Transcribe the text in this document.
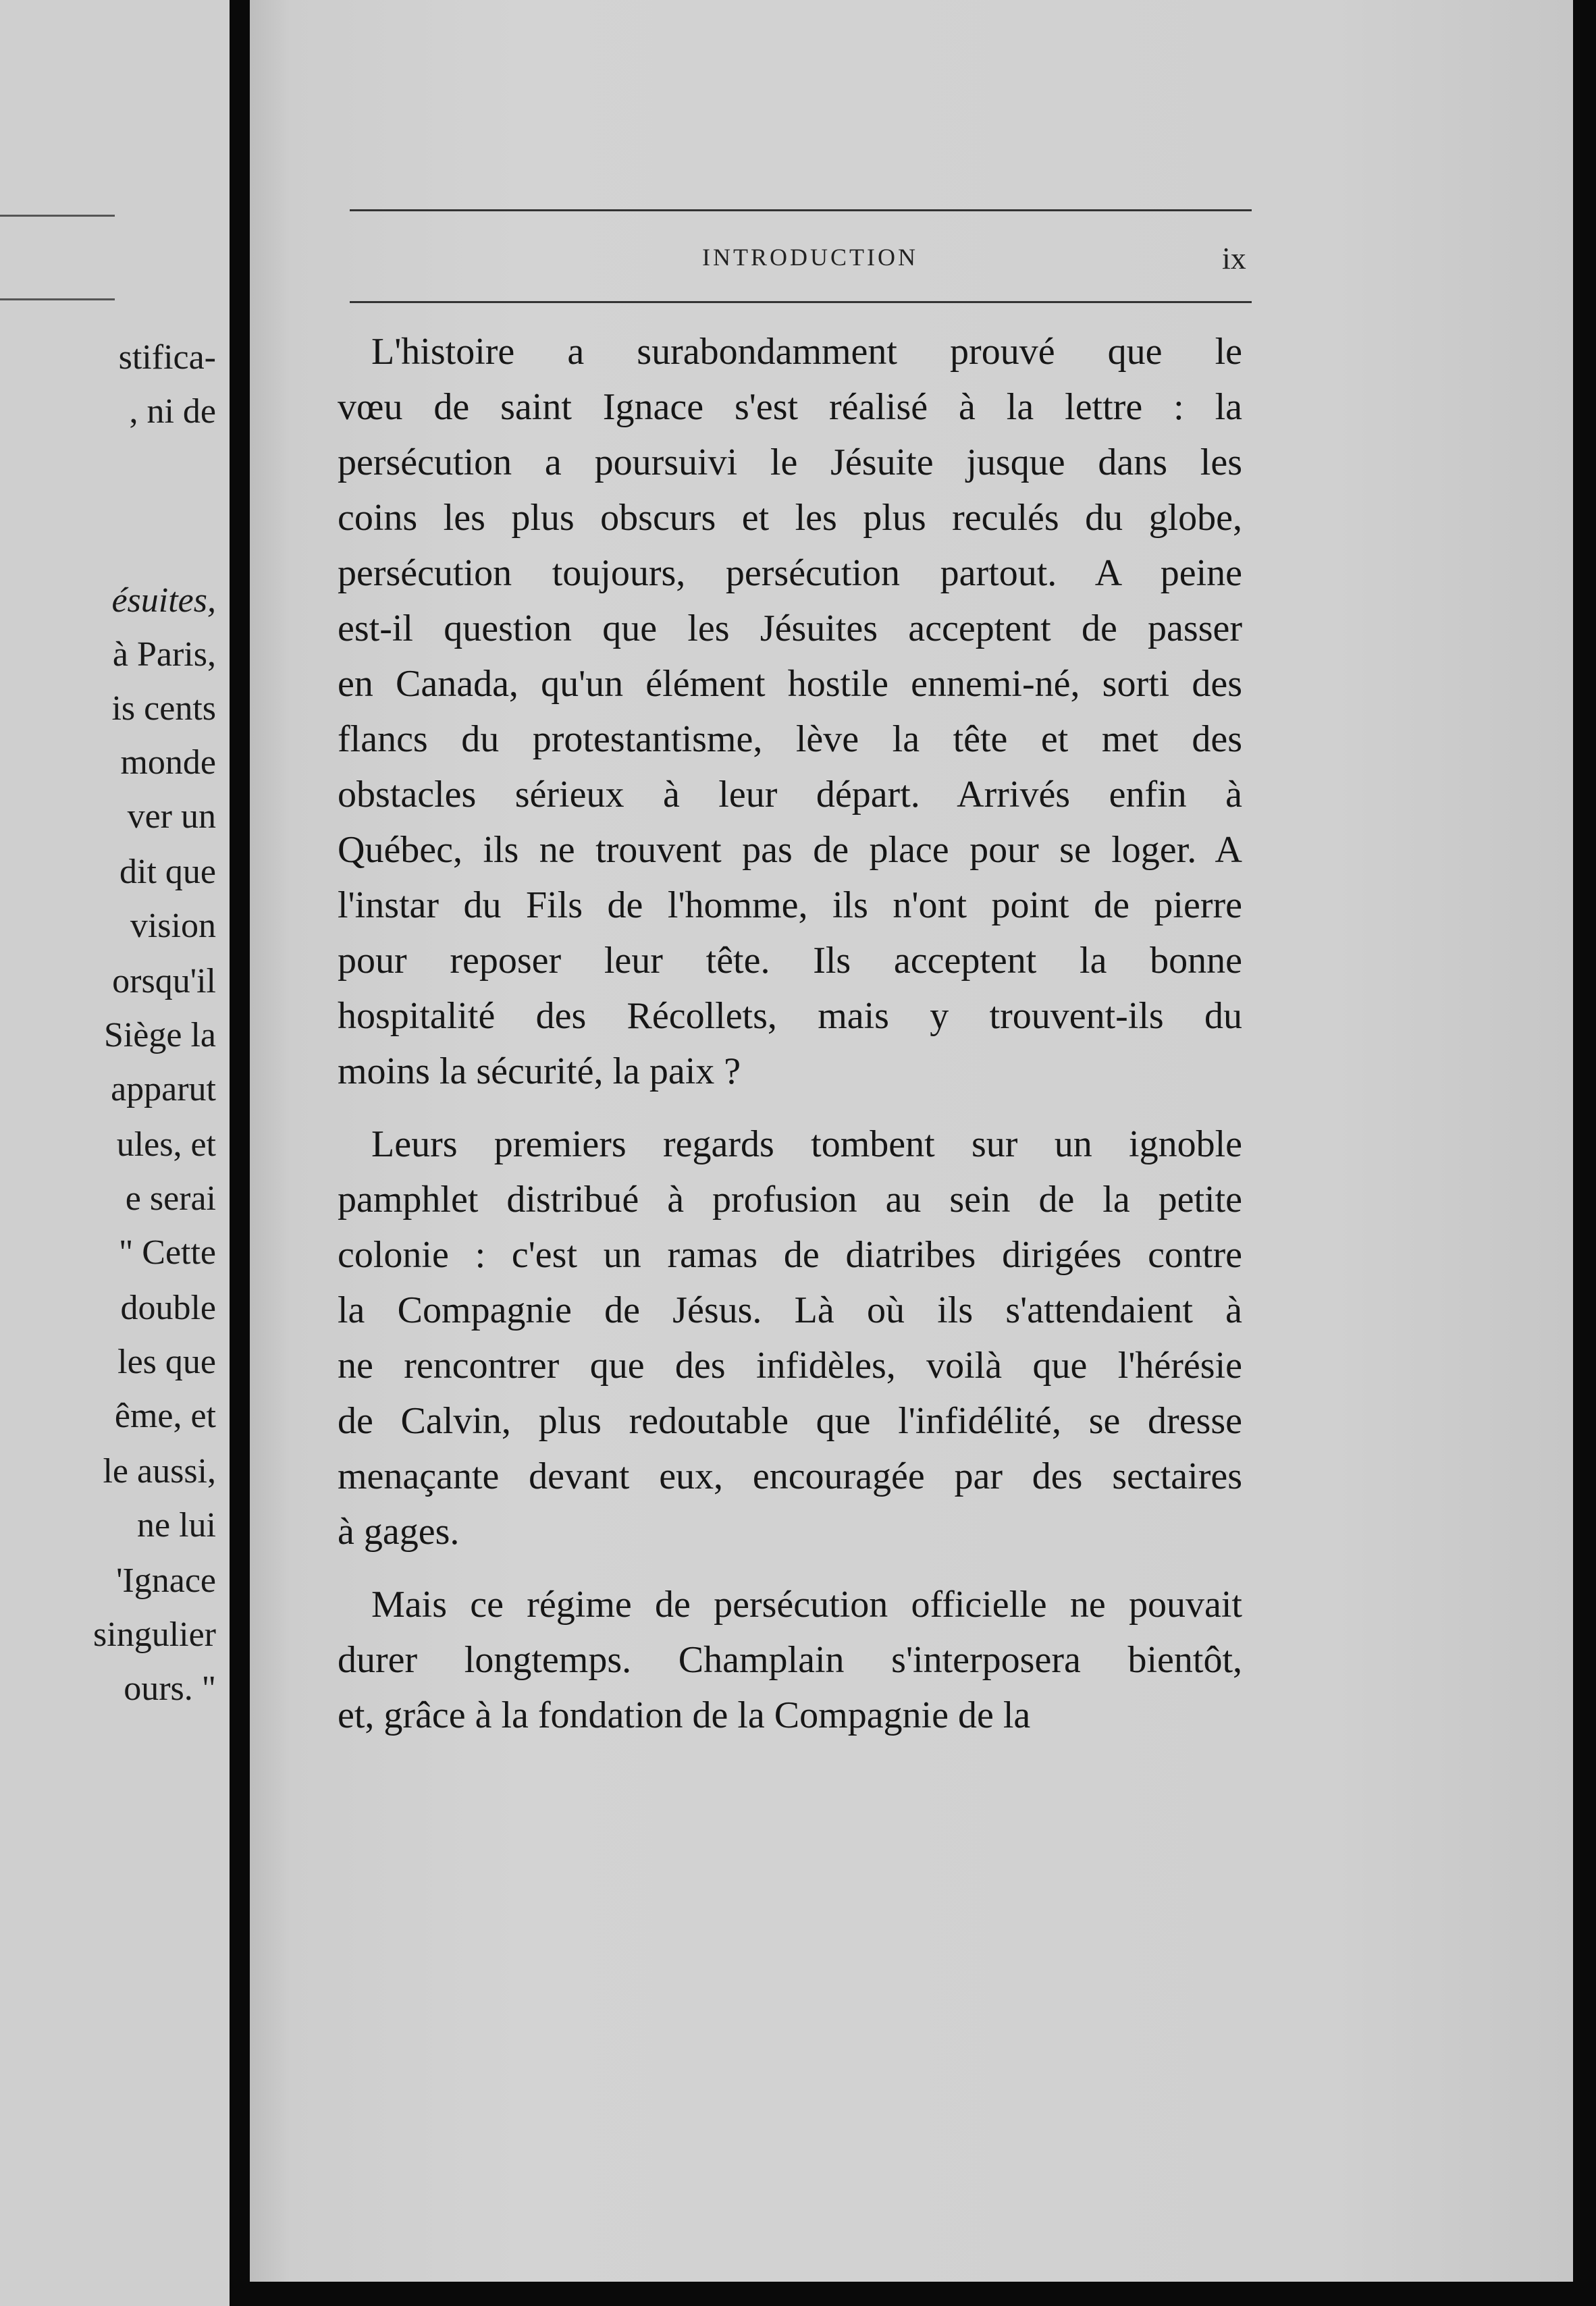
stifica-
, ni de
ésuites,
à Paris,
is cents
monde
ver un
dit que
vision
orsqu'il
Siège la
apparut
ules, et
e serai
" Cette
double
les que
ême, et
le aussi,
ne lui
'Ignace
singulier
ours. "
INTRODUCTION	ix
L'histoire a surabondamment prouvé que le
vœu de saint Ignace s'est réalisé à la lettre : la
persécution a poursuivi le Jésuite jusque dans les
coins les plus obscurs et les plus reculés du globe,
persécution toujours, persécution partout. A peine
est-il question que les Jésuites acceptent de passer
en Canada, qu'un élément hostile ennemi-né, sorti des
flancs du protestantisme, lève la tête et met des
obstacles sérieux à leur départ. Arrivés enfin à
Québec, ils ne trouvent pas de place pour se loger. A
l'instar du Fils de l'homme, ils n'ont point de pierre
pour reposer leur tête. Ils acceptent la bonne
hospitalité des Récollets, mais y trouvent-ils du
moins la sécurité, la paix ?
Leurs premiers regards tombent sur un ignoble
pamphlet distribué à profusion au sein de la petite
colonie : c'est un ramas de diatribes dirigées contre
la Compagnie de Jésus. Là où ils s'attendaient à
ne rencontrer que des infidèles, voilà que l'hérésie
de Calvin, plus redoutable que l'infidélité, se dresse
menaçante devant eux, encouragée par des sectaires
à gages.
Mais ce régime de persécution officielle ne pouvait
durer longtemps. Champlain s'interposera bientôt,
et, grâce à la fondation de la Compagnie de la
